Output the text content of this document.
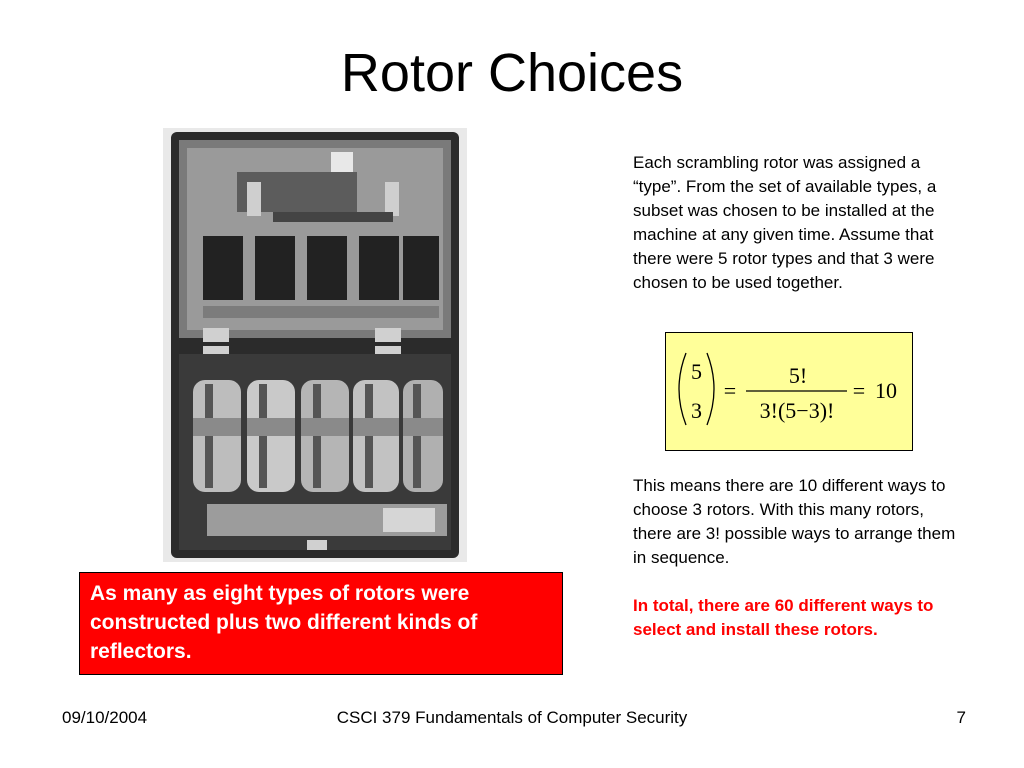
Rotor Choices
Each scrambling rotor was assigned a “type”. From the set of available types, a subset was chosen to be installed at the machine at any given time. Assume that there were 5 rotor types and that 3 were chosen to be used together.
5
3
=
5!
3!(5−3)!
= 10
This means there are 10 different ways to choose 3 rotors. With this many rotors, there are 3! possible ways to arrange them in sequence.
In total, there are 60 different ways to select and install these rotors.
As many as eight types of rotors were constructed plus two different kinds of reflectors.
09/10/2004	CSCI 379 Fundamentals of Computer Security	7
